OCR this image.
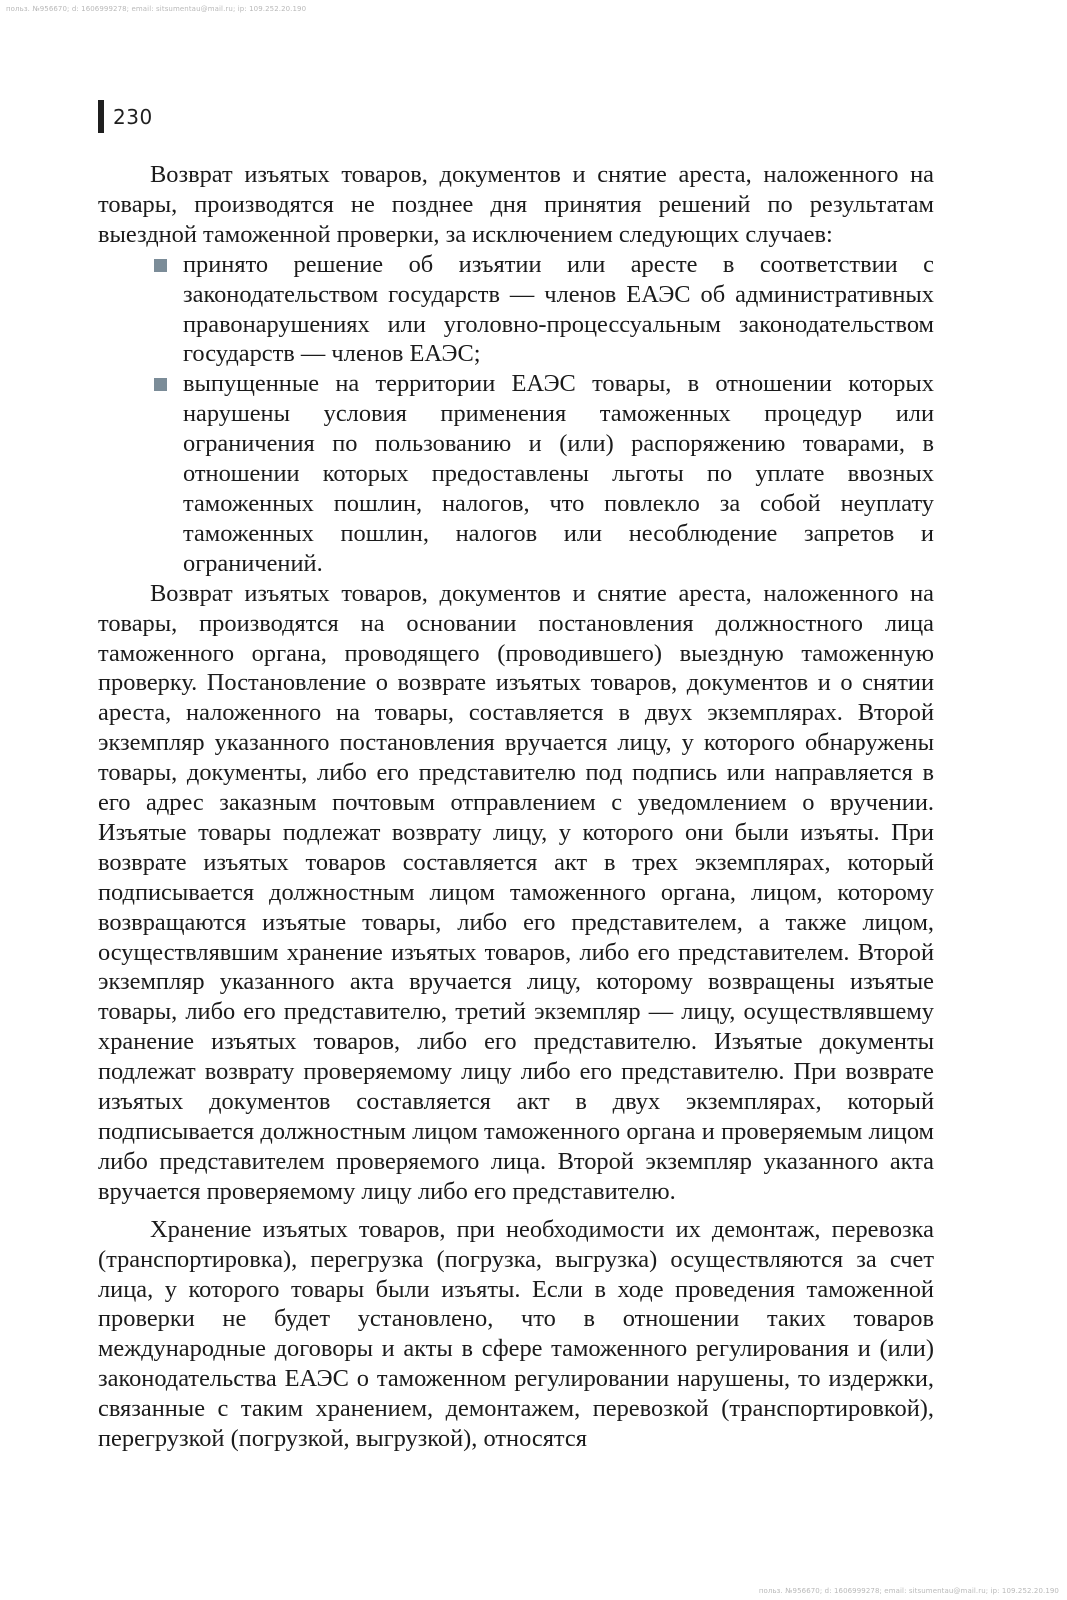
польз. №956670; d: 1606999278; email: sitsumentau@mail.ru; ip: 109.252.20.190
230

Возврат изъятых товаров, документов и снятие ареста, наложенного на товары, производятся не позднее дня принятия решений по результатам выездной таможенной проверки, за исключением следующих случаев:

принято решение об изъятии или аресте в соответствии с законодательством государств — членов ЕАЭС об административных правонарушениях или уголовно-процессуальным законодательством государств — членов ЕАЭС;
выпущенные на территории ЕАЭС товары, в отношении которых нарушены условия применения таможенных процедур или ограничения по пользованию и (или) распоряжению товарами, в отношении которых предоставлены льготы по уплате ввозных таможенных пошлин, налогов, что повлекло за собой неуплату таможенных пошлин, налогов или несоблюдение запретов и ограничений.

Возврат изъятых товаров, документов и снятие ареста, наложенного на товары, производятся на основании постановления должностного лица таможенного органа, проводящего (проводившего) выездную таможенную проверку. Постановление о возврате изъятых товаров, документов и о снятии ареста, наложенного на товары, составляется в двух экземплярах. Второй экземпляр указанного постановления вручается лицу, у которого обнаружены товары, документы, либо его представителю под подпись или направляется в его адрес заказным почтовым отправлением с уведомлением о вручении. Изъятые товары подлежат возврату лицу, у которого они были изъяты. При возврате изъятых товаров составляется акт в трех экземплярах, который подписывается должностным лицом таможенного органа, лицом, которому возвращаются изъятые товары, либо его представителем, а также лицом, осуществлявшим хранение изъятых товаров, либо его представителем. Второй экземпляр указанного акта вручается лицу, которому возвращены изъятые товары, либо его представителю, третий экземпляр — лицу, осуществлявшему хранение изъятых товаров, либо его представителю. Изъятые документы подлежат возврату проверяемому лицу либо его представителю. При возврате изъятых документов составляется акт в двух экземплярах, который подписывается должностным лицом таможенного органа и проверяемым лицом либо представителем проверяемого лица. Второй экземпляр указанного акта вручается проверяемому лицу либо его представителю.

Хранение изъятых товаров, при необходимости их демонтаж, перевозка (транспортировка), перегрузка (погрузка, выгрузка) осуществляются за счет лица, у которого товары были изъяты. Если в ходе проведения таможенной проверки не будет установлено, что в отношении таких товаров международные договоры и акты в сфере таможенного регулирования и (или) законодательства ЕАЭС о таможенном регулировании нарушены, то издержки, связанные с таким хранением, демонтажем, перевозкой (транспортировкой), перегрузкой (погрузкой, выгрузкой), относятся

польз. №956670; d: 1606999278; email: sitsumentau@mail.ru; ip: 109.252.20.190
